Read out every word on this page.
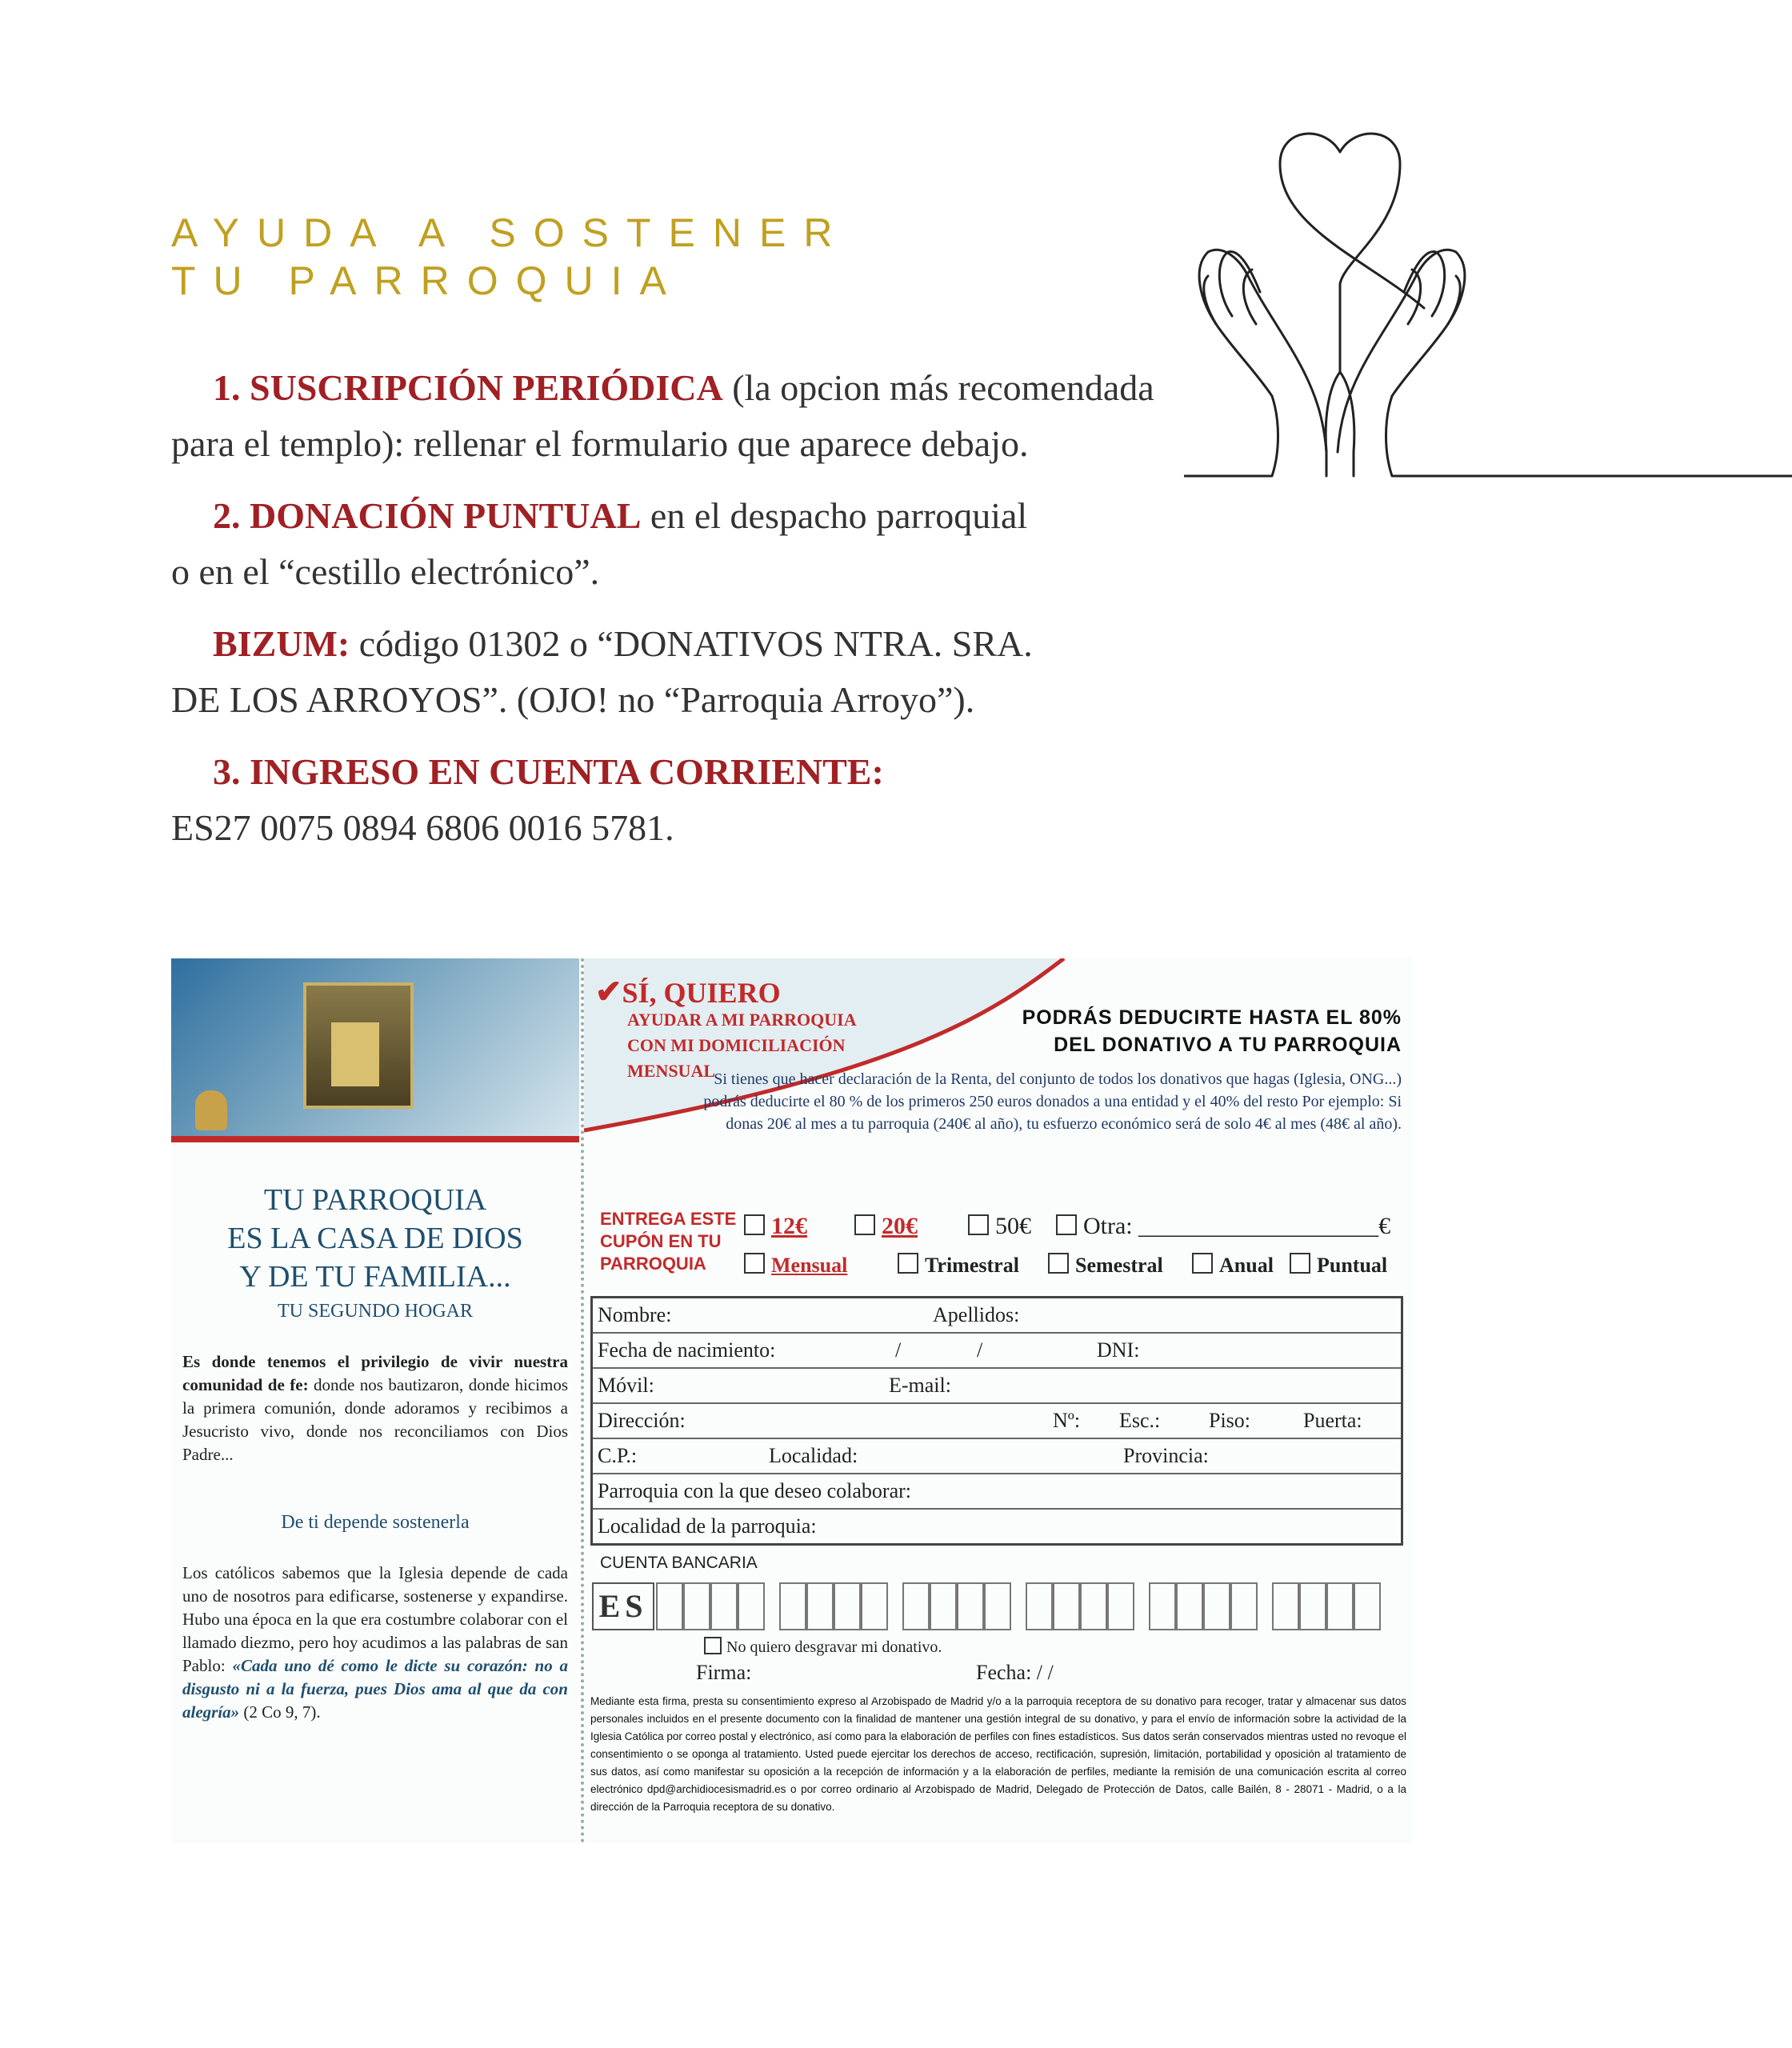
AYUDA A SOSTENER
TU PARROQUIA
1. SUSCRIPCIÓN PERIÓDICA (la opcion más recomendada
para el templo): rellenar el formulario que aparece debajo.
2. DONACIÓN PUNTUAL en el despacho parroquial
o en el “cestillo electrónico”.
BIZUM: código 01302 o “DONATIVOS NTRA. SRA.
DE LOS ARROYOS”. (OJO! no “Parroquia Arroyo”).
3. INGRESO EN CUENTA CORRIENTE:
ES27 0075 0894 6806 0016 5781.
TU PARROQUIA
ES LA CASA DE DIOS
Y DE TU FAMILIA...
TU SEGUNDO HOGAR
Es donde tenemos el privilegio de vivir nuestra comunidad de fe: donde nos bautizaron, donde hicimos la primera comunión, donde adoramos y recibimos a Jesucristo vivo, donde nos reconciliamos con Dios Padre...
De ti depende sostenerla
Los católicos sabemos que la Iglesia depende de cada uno de nosotros para edificarse, sostenerse y expandirse. Hubo una época en la que era costumbre colaborar con el llamado diezmo, pero hoy acudimos a las palabras de san Pablo: «Cada uno dé como le dicte su corazón: no a disgusto ni a la fuerza, pues Dios ama al que da con alegría» (2 Co 9, 7).
✔SÍ, QUIERO
AYUDAR A MI PARROQUIA
CON MI DOMICILIACIÓN
MENSUAL
PODRÁS DEDUCIRTE HASTA EL 80%
DEL DONATIVO A TU PARROQUIA
Si tienes que hacer declaración de la Renta, del conjunto de todos los donativos que hagas (Iglesia, ONG...) podrás deducirte el 80 % de los primeros 250 euros donados a una entidad y el 40% del resto Por ejemplo: Si donas 20€ al mes a tu parroquia (240€ al año), tu esfuerzo económico será de solo 4€ al mes (48€ al año).
ENTREGA ESTE
CUPÓN EN TU
PARROQUIA
12€	20€	50€	Otra: ____________________€
Mensual	Trimestral	Semestral	Anual	Puntual
Nombre:	Apellidos:
Fecha de nacimiento:	/	/	DNI:
Móvil:	E-mail:
Dirección:	Nº: Esc.: Piso:	Puerta:
C.P.:	Localidad:	Provincia:
Parroquia con la que deseo colaborar:
Localidad de la parroquia:
CUENTA BANCARIA
ES
No quiero desgravar mi donativo.
Firma:	Fecha: / /
Mediante esta firma, presta su consentimiento expreso al Arzobispado de Madrid y/o a la parroquia receptora de su donativo para recoger, tratar y almacenar sus datos personales incluidos en el presente documento con la finalidad de mantener una gestión integral de su donativo, y para el envío de información sobre la actividad de la Iglesia Católica por correo postal y electrónico, así como para la elaboración de perfiles con fines estadísticos. Sus datos serán conservados mientras usted no revoque el consentimiento o se oponga al tratamiento. Usted puede ejercitar los derechos de acceso, rectificación, supresión, limitación, portabilidad y oposición al tratamiento de sus datos, así como manifestar su oposición a la recepción de información y a la elaboración de perfiles, mediante la remisión de una comunicación escrita al correo electrónico dpd@archidiocesismadrid.es o por correo ordinario al Arzobispado de Madrid, Delegado de Protección de Datos, calle Bailén, 8 - 28071 - Madrid, o a la dirección de la Parroquia receptora de su donativo.
